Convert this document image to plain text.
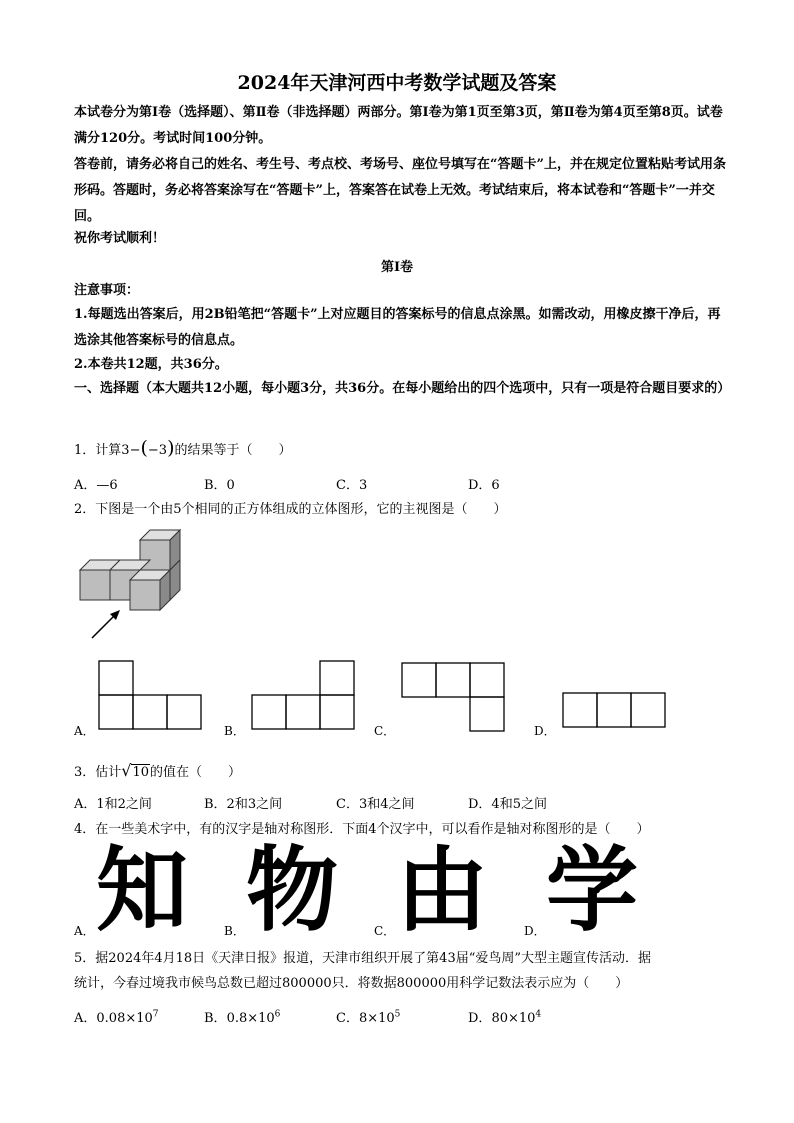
2024年天津河西中考数学试题及答案
本试卷分为第Ⅰ卷（选择题）、第Ⅱ卷（非选择题）两部分。第Ⅰ卷为第1页至第3页，第Ⅱ卷为第4页至第8页。试卷满分120分。考试时间100分钟。
答卷前，请务必将自己的姓名、考生号、考点校、考场号、座位号填写在“答题卡”上，并在规定位置粘贴考试用条形码。答题时，务必将答案涂写在“答题卡”上，答案答在试卷上无效。考试结束后，将本试卷和“答题卡”一并交回。
祝你考试顺利！
第Ⅰ卷
注意事项：
1.每题选出答案后，用2B铅笔把“答题卡”上对应题目的答案标号的信息点涂黑。如需改动，用橡皮擦干净后，再选涂其他答案标号的信息点。
2.本卷共12题，共36分。
一、选择题（本大题共12小题，每小题3分，共36分。在每小题给出的四个选项中，只有一项是符合题目要求的）
1．计算3−(−3)的结果等于（　　）
A．—6	B．0	C．3	D．6
2．下图是一个由5个相同的正方体组成的立体图形，它的主视图是（　　）
A．	B．	C．	D．
3．估计√10的值在（　　）
A．1和2之间	B．2和3之间	C．3和4之间	D．4和5之间
4．在一些美术字中，有的汉字是轴对称图形．下面4个汉字中，可以看作是轴对称图形的是（　　）
A． 知	B． 物	C． 由	D． 学
5．据2024年4月18日《天津日报》报道，天津市组织开展了第43届“爱鸟周”大型主题宣传活动．据
统计，今春过境我市候鸟总数已超过800000只．将数据800000用科学记数法表示应为（　　）
A．$0.08\times 10^7$	B．$0.8\times 10^6$	C．$8\times 10^5$	D．$80\times 10^4$
